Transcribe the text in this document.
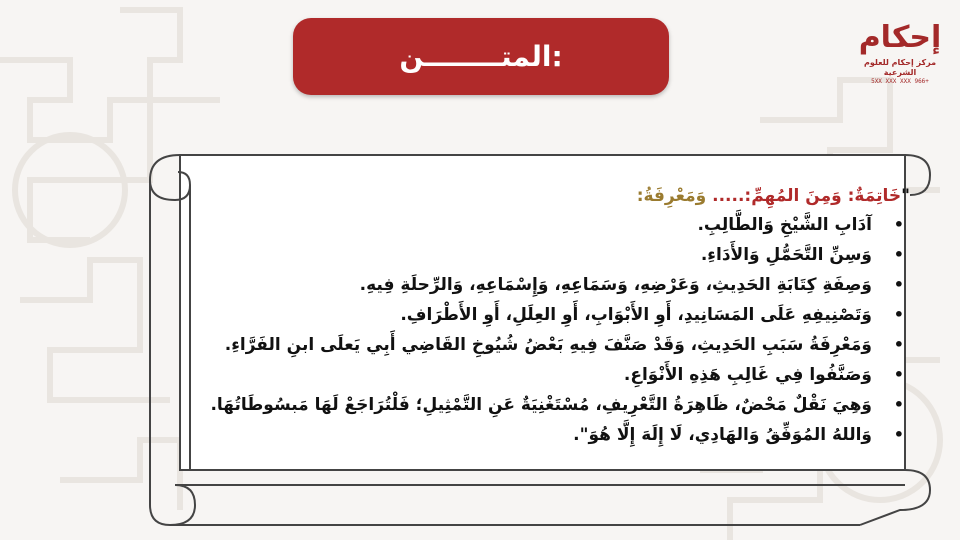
المتــــــــن:
إحكام
مركز إحكام للعلوم الشرعية
+966 5XX XXX XXX
"خَاتِمَةٌ: وَمِنَ المُهِمِّ:..... وَمَعْرِفَةُ:
•
آدَابِ الشَّيْخِ وَالطَّالِبِ.
•
وَسِنِّ التَّحَمُّلِ وَالأَدَاءِ.
•
وَصِفَةِ كِتَابَةِ الحَدِيثِ، وَعَرْضِهِ، وَسَمَاعِهِ، وَإِسْمَاعِهِ، وَالرِّحلَةِ فِيهِ.
•
وَتَصْنِيفِهِ عَلَى المَسَانِيدِ، أَوِ الأَبْوَابِ، أَوِ العِلَلِ، أَوِ الأَطْرَافِ.
•
وَمَعْرِفَةُ سَبَبِ الحَدِيثِ، وَقَدْ صَنَّفَ فِيهِ بَعْضُ شُيُوخِ القَاضِي أَبِي يَعلَى ابنِ الفَرَّاءِ.
•
وَصَنَّفُوا فِي غَالِبِ هَذِهِ الأَنْوَاعِ.
•
وَهِيَ نَقْلٌ مَحْضٌ، ظَاهِرَةُ التَّعْرِيفِ، مُسْتَغْنِيَةٌ عَنِ التَّمْثِيلِ؛ فَلْتُرَاجَعْ لَهَا مَبسُوطَاتُهَا.
•
وَاللهُ المُوَفِّقُ وَالهَادِي، لَا إِلَهَ إِلَّا هُوَ".
